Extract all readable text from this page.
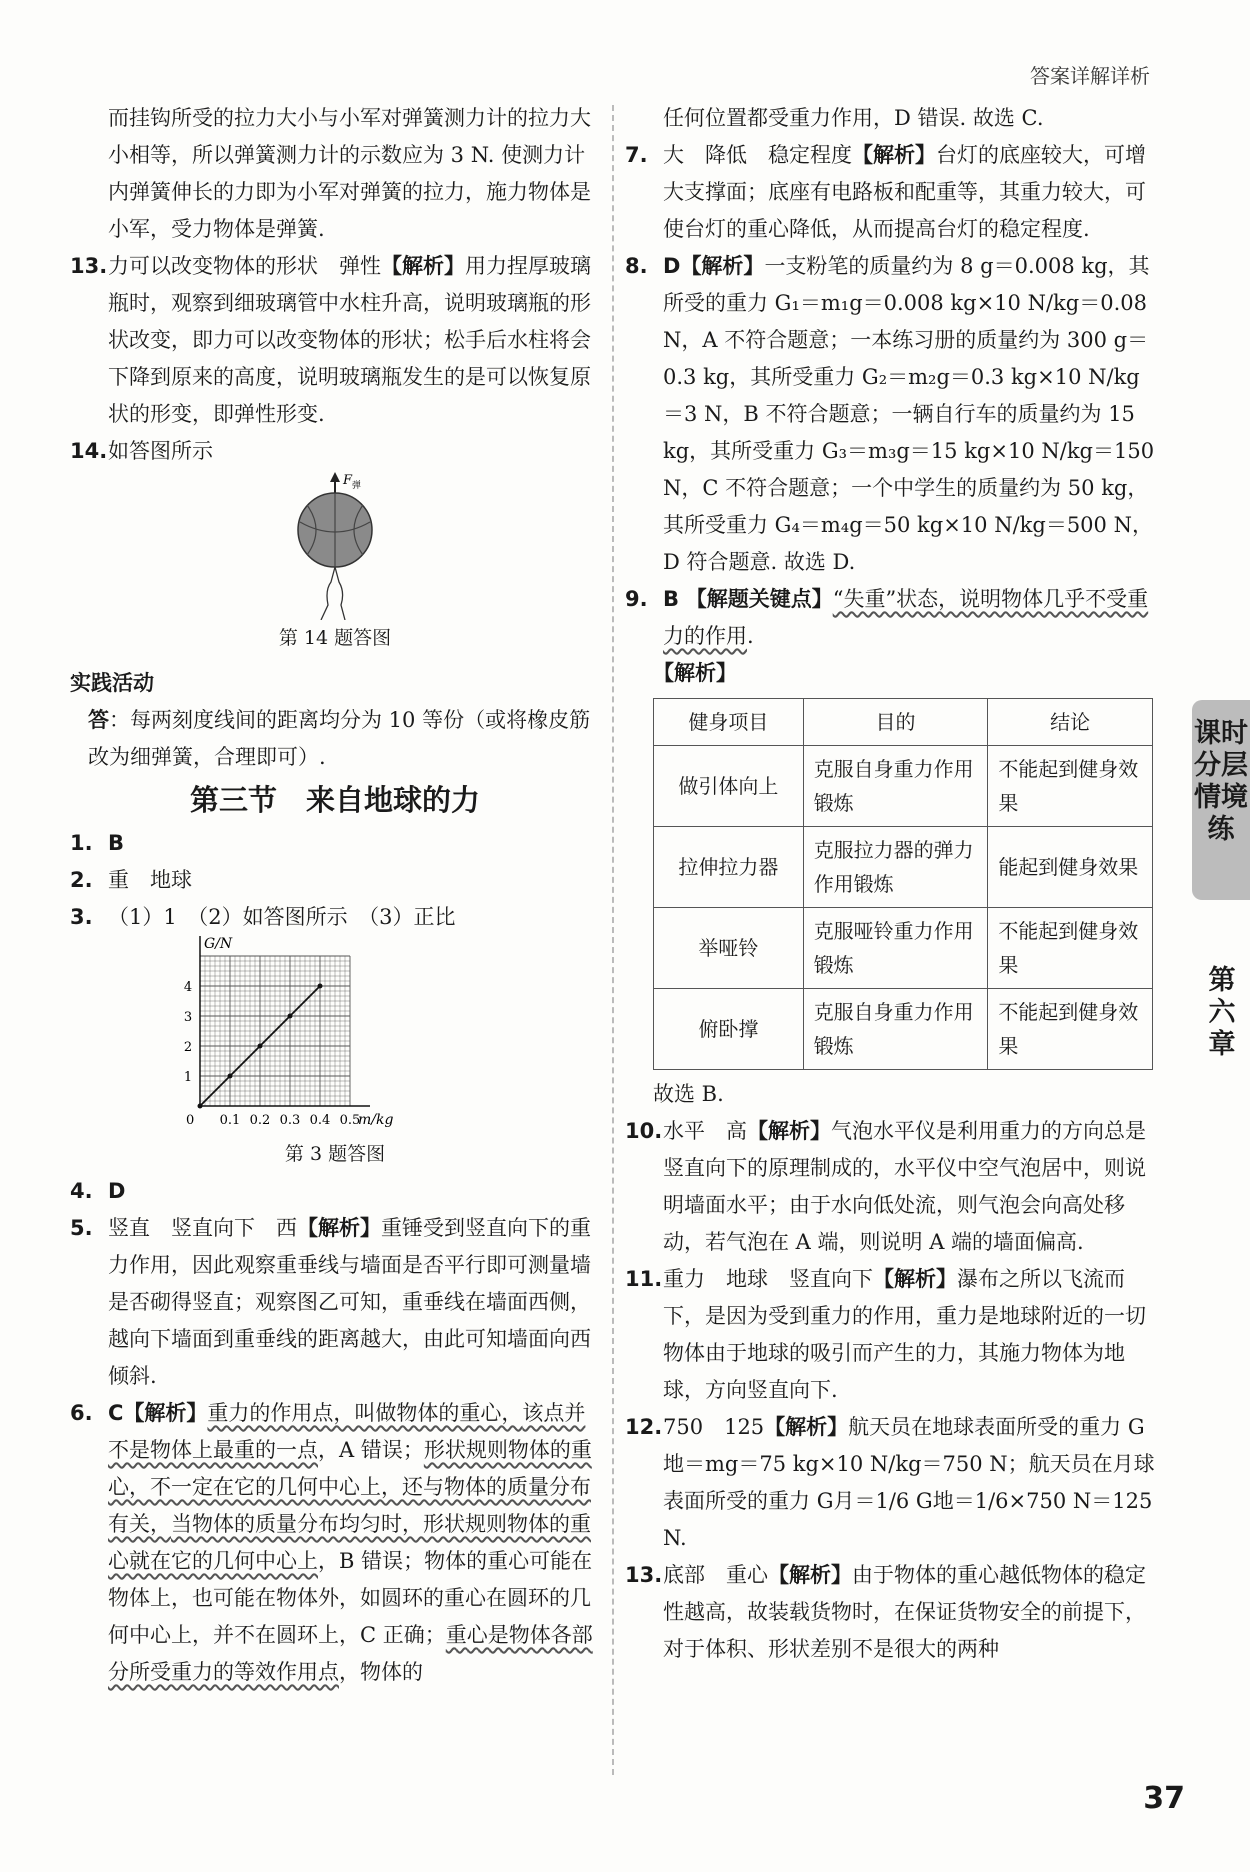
答案详解详析

而挂钩所受的拉力大小与小军对弹簧测力计的拉力大小相等，所以弹簧测力计的示数应为 3 N. 使测力计内弹簧伸长的力即为小军对弹簧的拉力，施力物体是小军，受力物体是弹簧.

13. 力可以改变物体的形状　弹性【解析】用力捏厚玻璃瓶时，观察到细玻璃管中水柱升高，说明玻璃瓶的形状改变，即力可以改变物体的形状；松手后水柱将会下降到原来的高度，说明玻璃瓶发生的是可以恢复原状的形变，即弹性形变.

14. 如答图所示

F 弹

第 14 题答图

实践活动

答：每两刻度线间的距离均分为 10 等份（或将橡皮筋改为细弹簧，合理即可）.

第三节　来自地球的力
1. B
2. 重　地球
3. （1）1　（2）如答图所示　（3）正比
0.1 0.2 0.3 0.4 0.5
1
2
3
4
0	m/kg
G/N

第 3 题答图

4. D
5. 竖直　竖直向下　西【解析】重锤受到竖直向下的重力作用，因此观察重垂线与墙面是否平行即可测量墙是否砌得竖直；观察图乙可知，重垂线在墙面西侧，越向下墙面到重垂线的距离越大，由此可知墙面向西倾斜.

6. C【解析】重力的作用点，叫做物体的重心，该点并不是物体上最重的一点，A 错误；形状规则物体的重心，不一定在它的几何中心上，还与物体的质量分布有关，当物体的质量分布均匀时，形状规则物体的重心就在它的几何中心上，B 错误；物体的重心可能在物体上，也可能在物体外，如圆环的重心在圆环的几何中心上，并不在圆环上，C 正确；重心是物体各部分所受重力的等效作用点，物体的

任何位置都受重力作用，D 错误. 故选 C.

7. 大　降低　稳定程度【解析】台灯的底座较大，可增大支撑面；底座有电路板和配重等，其重力较大，可使台灯的重心降低，从而提高台灯的稳定程度.

8. D【解析】一支粉笔的质量约为 8 g＝0.008 kg，其所受的重力 G₁＝m₁g＝0.008 kg×10 N/kg＝0.08 N，A 不符合题意；一本练习册的质量约为 300 g＝0.3 kg，其所受重力 G₂＝m₂g＝0.3 kg×10 N/kg＝3 N，B 不符合题意；一辆自行车的质量约为 15 kg，其所受重力 G₃＝m₃g＝15 kg×10 N/kg＝150 N，C 不符合题意；一个中学生的质量约为 50 kg，其所受重力 G₄＝m₄g＝50 kg×10 N/kg＝500 N，D 符合题意. 故选 D.

9. B 【解题关键点】“失重”状态，说明物体几乎不受重力的作用.

【解析】

健身项目	目的	结论
做引体向上	克服自身重力作用锻炼	不能起到健身效果
拉伸拉力器	克服拉力器的弹力作用锻炼	能起到健身效果
举哑铃	克服哑铃重力作用锻炼	不能起到健身效果
俯卧撑	克服自身重力作用锻炼	不能起到健身效果

故选 B.

10. 水平　高【解析】气泡水平仪是利用重力的方向总是竖直向下的原理制成的，水平仪中空气泡居中，则说明墙面水平；由于水向低处流，则气泡会向高处移动，若气泡在 A 端，则说明 A 端的墙面偏高.

11. 重力　地球　竖直向下【解析】瀑布之所以飞流而下，是因为受到重力的作用，重力是地球附近的一切物体由于地球的吸引而产生的力，其施力物体为地球，方向竖直向下.

12. 750　125【解析】航天员在地球表面所受的重力 G地＝mg＝75 kg×10 N/kg＝750 N；航天员在月球表面所受的重力 G月＝1/6 G地＝1/6×750 N＝125 N.

13. 底部　重心【解析】由于物体的重心越低物体的稳定性越高，故装载货物时，在保证货物安全的前提下，对于体积、形状差别不是很大的两种

课时分层情境练
第六章
37
